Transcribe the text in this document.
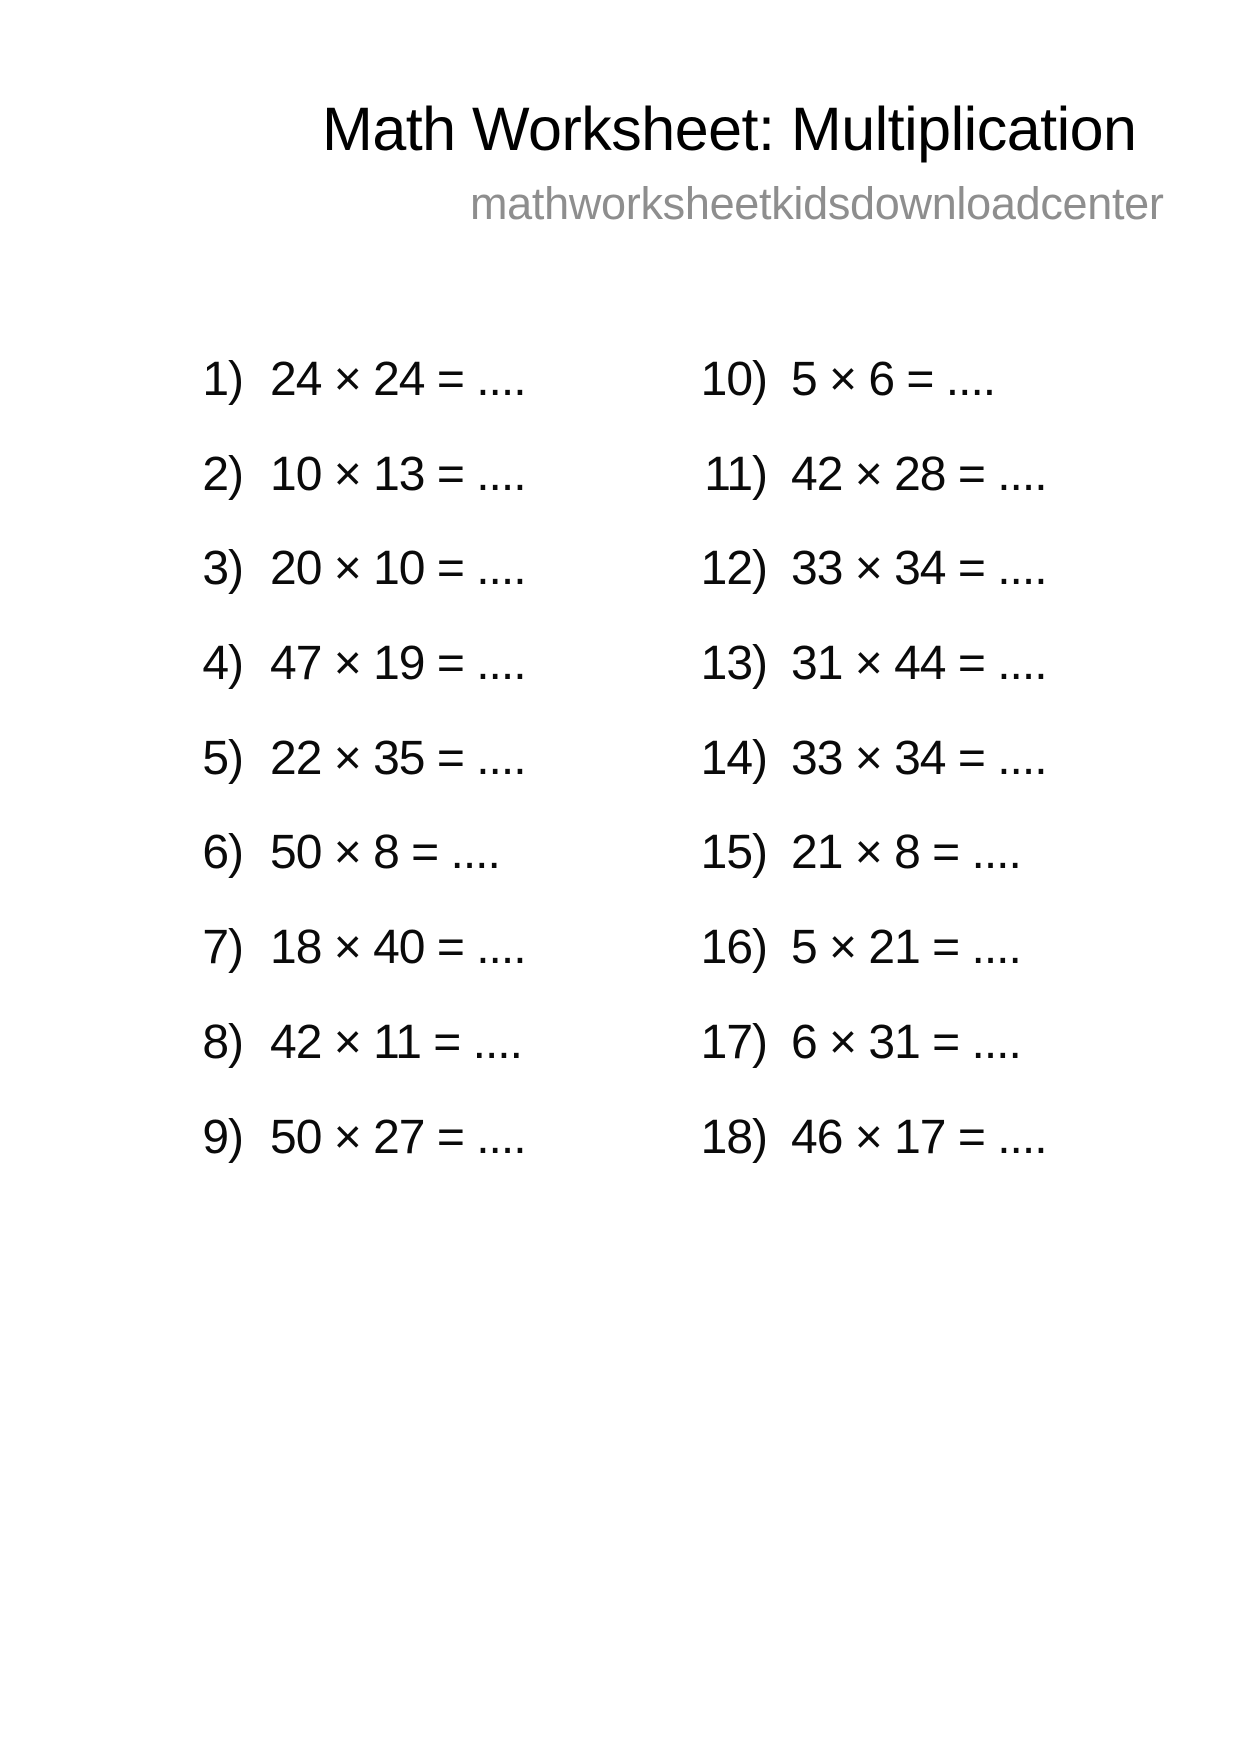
Math Worksheet: Multiplication
mathworksheetkidsdownloadcenter
1) 24 × 24 = ....
2) 10 × 13 = ....
3) 20 × 10 = ....
4) 47 × 19 = ....
5) 22 × 35 = ....
6) 50 × 8 = ....
7) 18 × 40 = ....
8) 42 × 11 = ....
9) 50 × 27 = ....
10) 5 × 6 = ....
11) 42 × 28 = ....
12) 33 × 34 = ....
13) 31 × 44 = ....
14) 33 × 34 = ....
15) 21 × 8 = ....
16) 5 × 21 = ....
17) 6 × 31 = ....
18) 46 × 17 = ....
